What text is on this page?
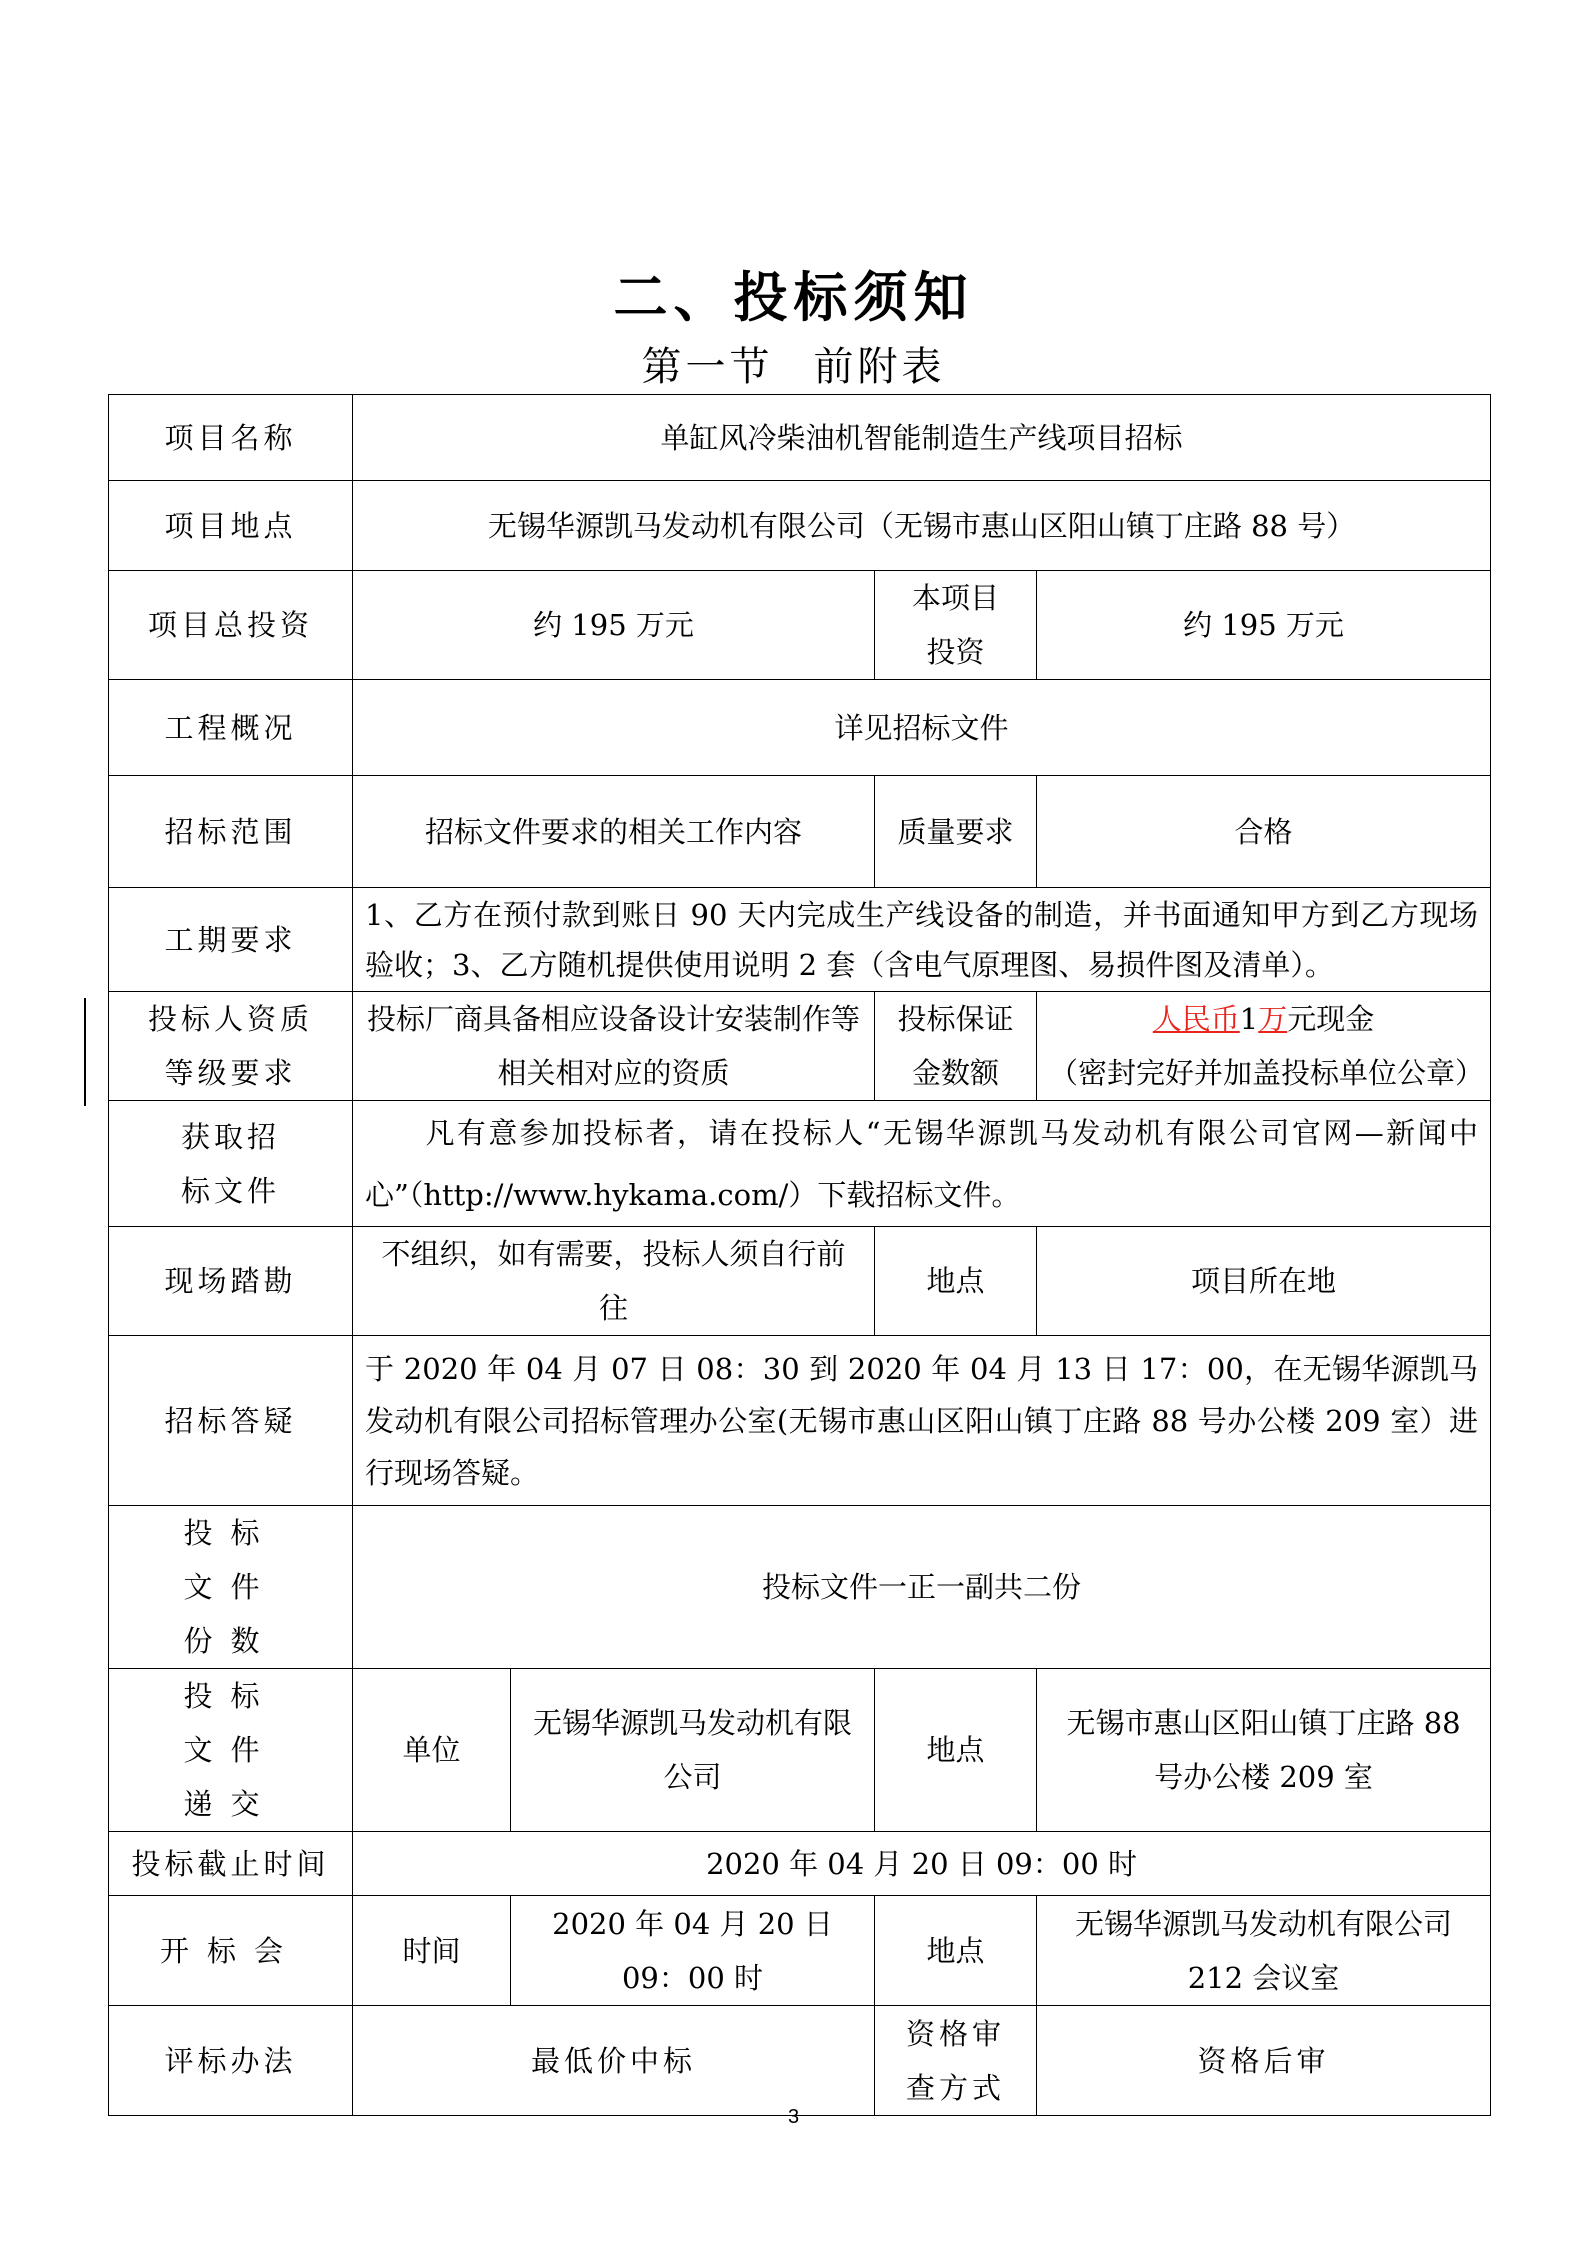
二、投标须知
第一节 前附表
项目名称	单缸风冷柴油机智能制造生产线项目招标			
项目地点	无锡华源凯马发动机有限公司（无锡市惠山区阳山镇丁庄路 88 号）			
项目总投资	约 195 万元		本项目投资	约 195 万元
工程概况	详见招标文件			
招标范围	招标文件要求的相关工作内容		质量要求	合格
工期要求	1、乙方在预付款到账日 90 天内完成生产线设备的制造，并书面通知甲方到乙方现场验收；3、乙方随机提供使用说明 2 套（含电气原理图、易损件图及清单）。			
投标人资质等级要求	投标厂商具备相应设备设计安装制作等相关相对应的资质		投标保证金数额	人民币1万元现金
（密封完好并加盖投标单位公章）

获取招标文件	凡有意参加投标者，请在投标人“无锡华源凯马发动机有限公司官网—新闻中心”（http://www.hykama.com/）下载招标文件。			
现场踏勘	不组织，如有需要，投标人须自行前往		地点	项目所在地
招标答疑	于 2020 年 04 月 07 日 08：30 到 2020 年 04 月 13 日 17：00，在无锡华源凯马发动机有限公司招标管理办公室(无锡市惠山区阳山镇丁庄路 88 号办公楼 209 室）进行现场答疑。			
投标文件份数	投标文件一正一副共二份			
投标文件递交	单位	无锡华源凯马发动机有限公司	地点	无锡市惠山区阳山镇丁庄路 88 号办公楼 209 室
投标截止时间	2020 年 04 月 20 日 09：00 时			
开标会	时间	2020 年 04 月 20 日 09：00 时	地点	无锡华源凯马发动机有限公司 212 会议室
评标办法	最低价中标		资格审查方式	资格后审
3
